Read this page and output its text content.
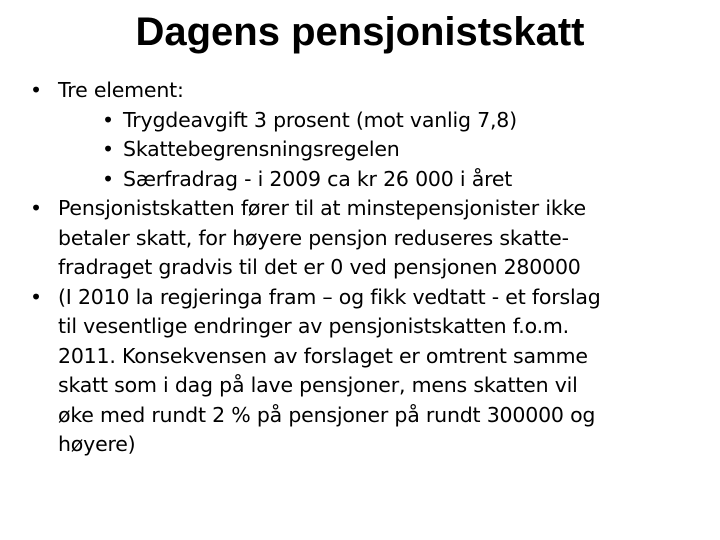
Dagens pensjonistskatt
• Tre element:
• Trygdeavgift 3 prosent (mot vanlig 7,8)
• Skattebegrensningsregelen
• Særfradrag - i 2009 ca kr 26 000 i året
• Pensjonistskatten fører til at minstepensjonister ikke
betaler skatt, for høyere pensjon reduseres skatte-
fradraget gradvis til det er 0 ved pensjonen 280000
• (I 2010 la regjeringa fram – og fikk vedtatt - et forslag
til vesentlige endringer av pensjonistskatten f.o.m.
2011. Konsekvensen av forslaget er omtrent samme
skatt som i dag på lave pensjoner, mens skatten vil
øke med rundt 2 % på pensjoner på rundt 300000 og
høyere)
